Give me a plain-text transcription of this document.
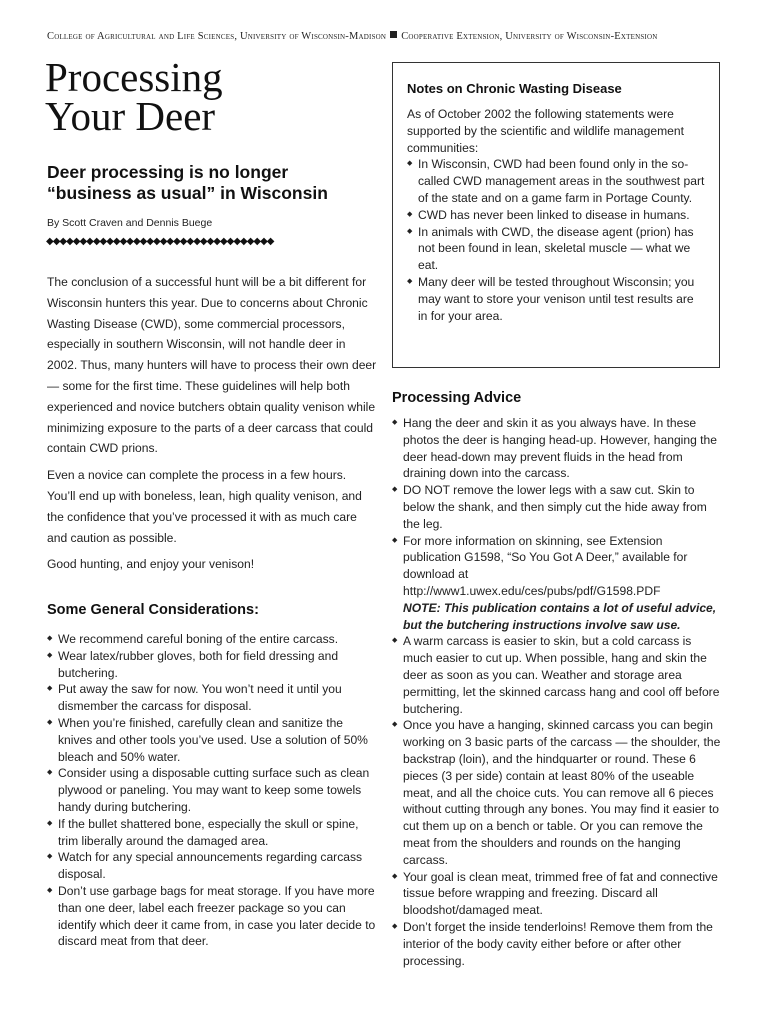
College of Agricultural and Life Sciences, University of Wisconsin-Madison Cooperative Extension, University of Wisconsin-Extension
Processing
Your Deer
Deer processing is no longer
“business as usual” in Wisconsin
By Scott Craven and Dennis Buege
◆◆◆◆◆◆◆◆◆◆◆◆◆◆◆◆◆◆◆◆◆◆◆◆◆◆◆◆◆◆◆◆◆◆

The conclusion of a successful hunt will be a bit different for Wisconsin hunters this year. Due to concerns about Chronic Wasting Disease (CWD), some commercial processors, especially in southern Wisconsin, will not handle deer in 2002. Thus, many hunters will have to process their own deer — some for the first time. These guidelines will help both experienced and novice butchers obtain quality venison while minimizing exposure to the parts of a deer carcass that could contain CWD prions.

Even a novice can complete the process in a few hours. You’ll end up with boneless, lean, high quality venison, and the confidence that you’ve processed it with as much care and caution as possible.

Good hunting, and enjoy your venison!

Some General Considerations:
◆ We recommend careful boning of the entire carcass.
◆ Wear latex/rubber gloves, both for field dressing and butchering.
◆ Put away the saw for now. You won’t need it until you dismember the carcass for disposal.
◆ When you’re finished, carefully clean and sanitize the knives and other tools you’ve used. Use a solution of 50% bleach and 50% water.
◆ Consider using a disposable cutting surface such as clean plywood or paneling. You may want to keep some towels handy during butchering.
◆ If the bullet shattered bone, especially the skull or spine, trim liberally around the damaged area.
◆ Watch for any special announcements regarding carcass disposal.
◆ Don’t use garbage bags for meat storage. If you have more than one deer, label each freezer package so you can identify which deer it came from, in case you later decide to discard meat from that deer.
Notes on Chronic Wasting Disease
As of October 2002 the following statements were supported by the scientific and wildlife management communities:
◆ In Wisconsin, CWD had been found only in the so-called CWD management areas in the southwest part of the state and on a game farm in Portage County.
◆ CWD has never been linked to disease in humans.
◆ In animals with CWD, the disease agent (prion) has not been found in lean, skeletal muscle — what we eat.
◆ Many deer will be tested throughout Wisconsin; you may want to store your venison until test results are in for your area.
Processing Advice
◆ Hang the deer and skin it as you always have. In these photos the deer is hanging head-up. However, hanging the deer head-down may prevent fluids in the head from draining down into the carcass.
◆ DO NOT remove the lower legs with a saw cut. Skin to below the shank, and then simply cut the hide away from the leg.
◆ For more information on skinning, see Extension publication G1598, “So You Got A Deer,” available for download at http://www1.uwex.edu/ces/pubs/pdf/G1598.PDF
NOTE: This publication contains a lot of useful advice, but the butchering instructions involve saw use.
◆ A warm carcass is easier to skin, but a cold carcass is much easier to cut up. When possible, hang and skin the deer as soon as you can. Weather and storage area permitting, let the skinned carcass hang and cool off before butchering.
◆ Once you have a hanging, skinned carcass you can begin working on 3 basic parts of the carcass — the shoulder, the backstrap (loin), and the hindquarter or round. These 6 pieces (3 per side) contain at least 80% of the useable meat, and all the choice cuts. You can remove all 6 pieces without cutting through any bones. You may find it easier to cut them up on a bench or table. Or you can remove the meat from the shoulders and rounds on the hanging carcass.
◆ Your goal is clean meat, trimmed free of fat and connective tissue before wrapping and freezing. Discard all bloodshot/damaged meat.
◆ Don’t forget the inside tenderloins! Remove them from the interior of the body cavity either before or after other processing.
